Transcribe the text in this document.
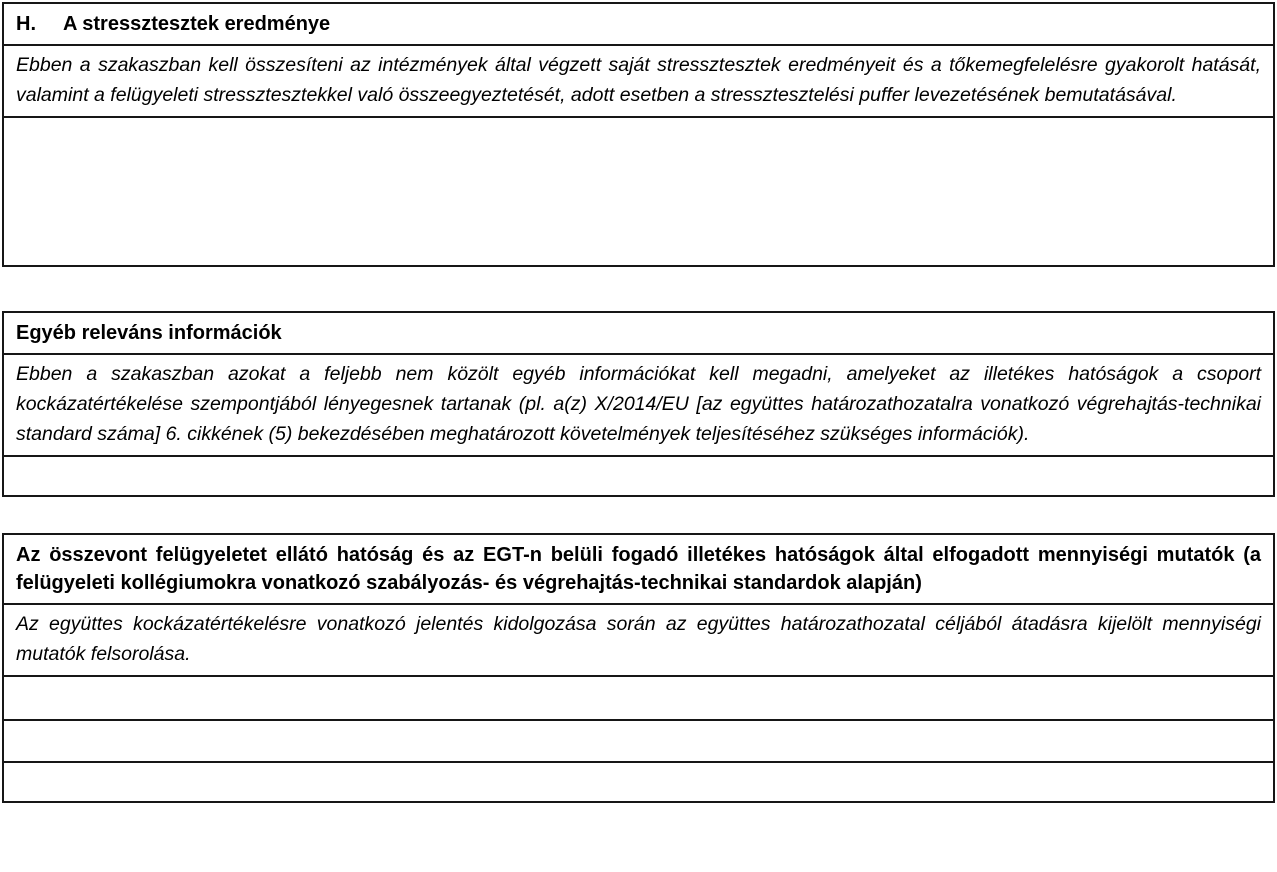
H. A stressztesztek eredménye
Ebben a szakaszban kell összesíteni az intézmények által végzett saját stressztesztek eredményeit és a tőkemegfelelésre gyakorolt hatását, valamint a felügyeleti stressztesztekkel való összeegyeztetését, adott esetben a stressztesztelési puffer levezetésének bemutatásával.
Egyéb releváns információk
Ebben a szakaszban azokat a feljebb nem közölt egyéb információkat kell megadni, amelyeket az illetékes hatóságok a csoport kockázatértékelése szempontjából lényegesnek tartanak (pl. a(z) X/2014/EU [az együttes határozathozatalra vonatkozó végrehajtás-technikai standard száma] 6. cikkének (5) bekezdésében meghatározott követelmények teljesítéséhez szükséges információk).
Az összevont felügyeletet ellátó hatóság és az EGT-n belüli fogadó illetékes hatóságok által elfogadott mennyiségi mutatók (a felügyeleti kollégiumokra vonatkozó szabályozás- és végrehajtás-technikai standardok alapján)
Az együttes kockázatértékelésre vonatkozó jelentés kidolgozása során az együttes határozathozatal céljából átadásra kijelölt mennyiségi mutatók felsorolása.
